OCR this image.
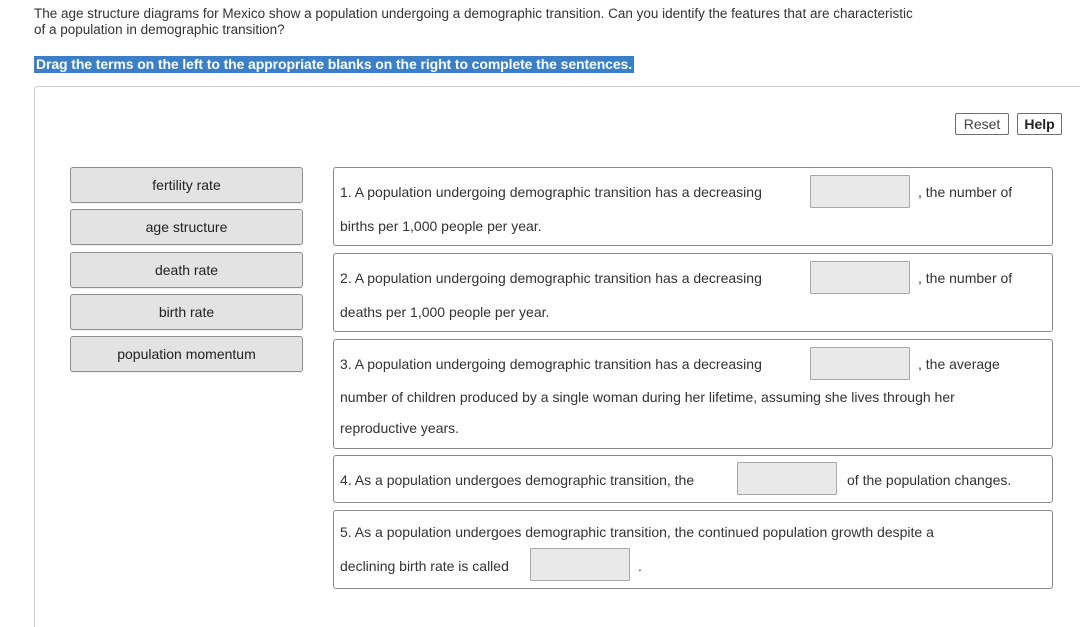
The age structure diagrams for Mexico show a population undergoing a demographic transition. Can you identify the features that are characteristic
of a population in demographic transition?
Drag the terms on the left to the appropriate blanks on the right to complete the sentences.
Reset	Help
fertility rate
age structure
death rate
birth rate
population momentum
1. A population undergoing demographic transition has a decreasing	, the number of
births per 1,000 people per year.
2. A population undergoing demographic transition has a decreasing	, the number of
deaths per 1,000 people per year.
3. A population undergoing demographic transition has a decreasing	, the average
number of children produced by a single woman during her lifetime, assuming she lives through her
reproductive years.
4. As a population undergoes demographic transition, the	of the population changes.
5. As a population undergoes demographic transition, the continued population growth despite a
declining birth rate is called	.
